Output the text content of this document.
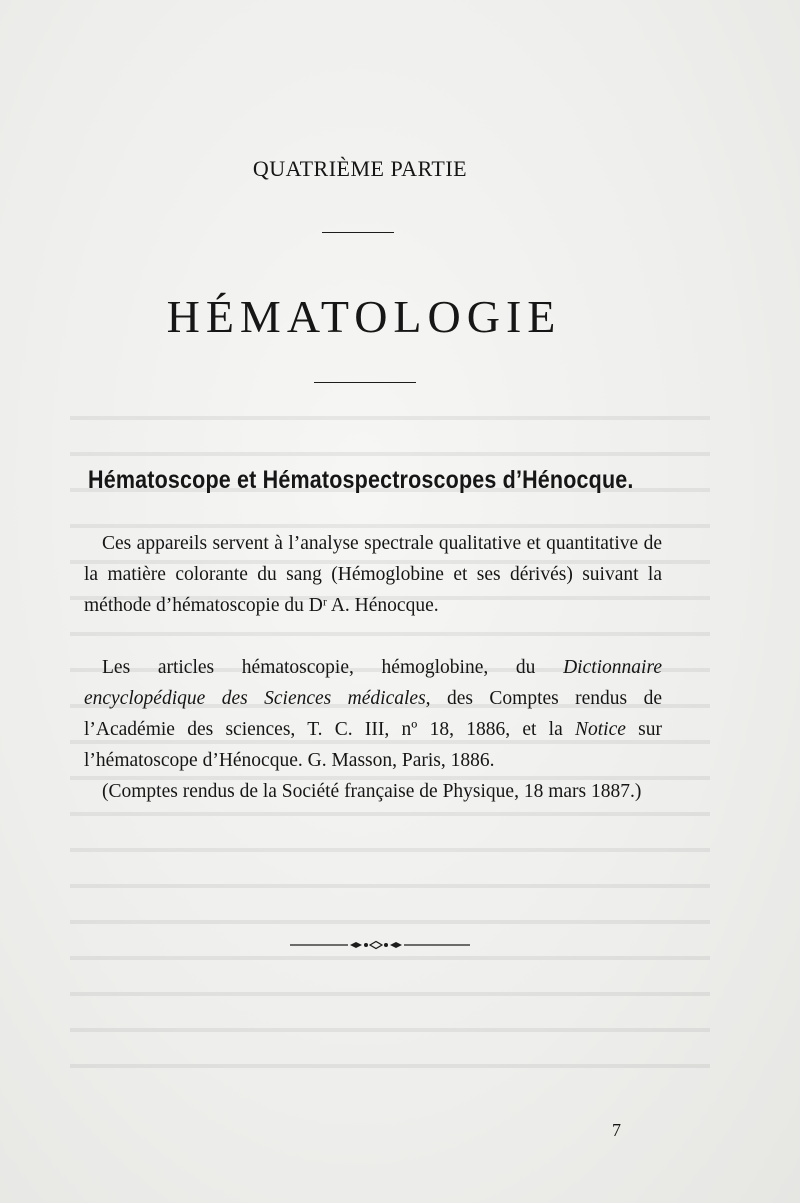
QUATRIÈME PARTIE
HÉMATOLOGIE
Hématoscope et Hématospectroscopes d’Hénocque.

Ces appareils servent à l’analyse spectrale qualitative et quantitative de la matière colorante du sang (Hémoglobine et ses dérivés) suivant la méthode d’hématoscopie du Dʳ A. Hénocque.

Les articles hématoscopie, hémoglobine, du Dictionnaire encyclopédique des Sciences médicales, des Comptes rendus de l’Académie des sciences, T. C. III, nº 18, 1886, et la Notice sur l’hématoscope d’Hénocque. G. Masson, Paris, 1886.

(Comptes rendus de la Société française de Physique, 18 mars 1887.)

7
